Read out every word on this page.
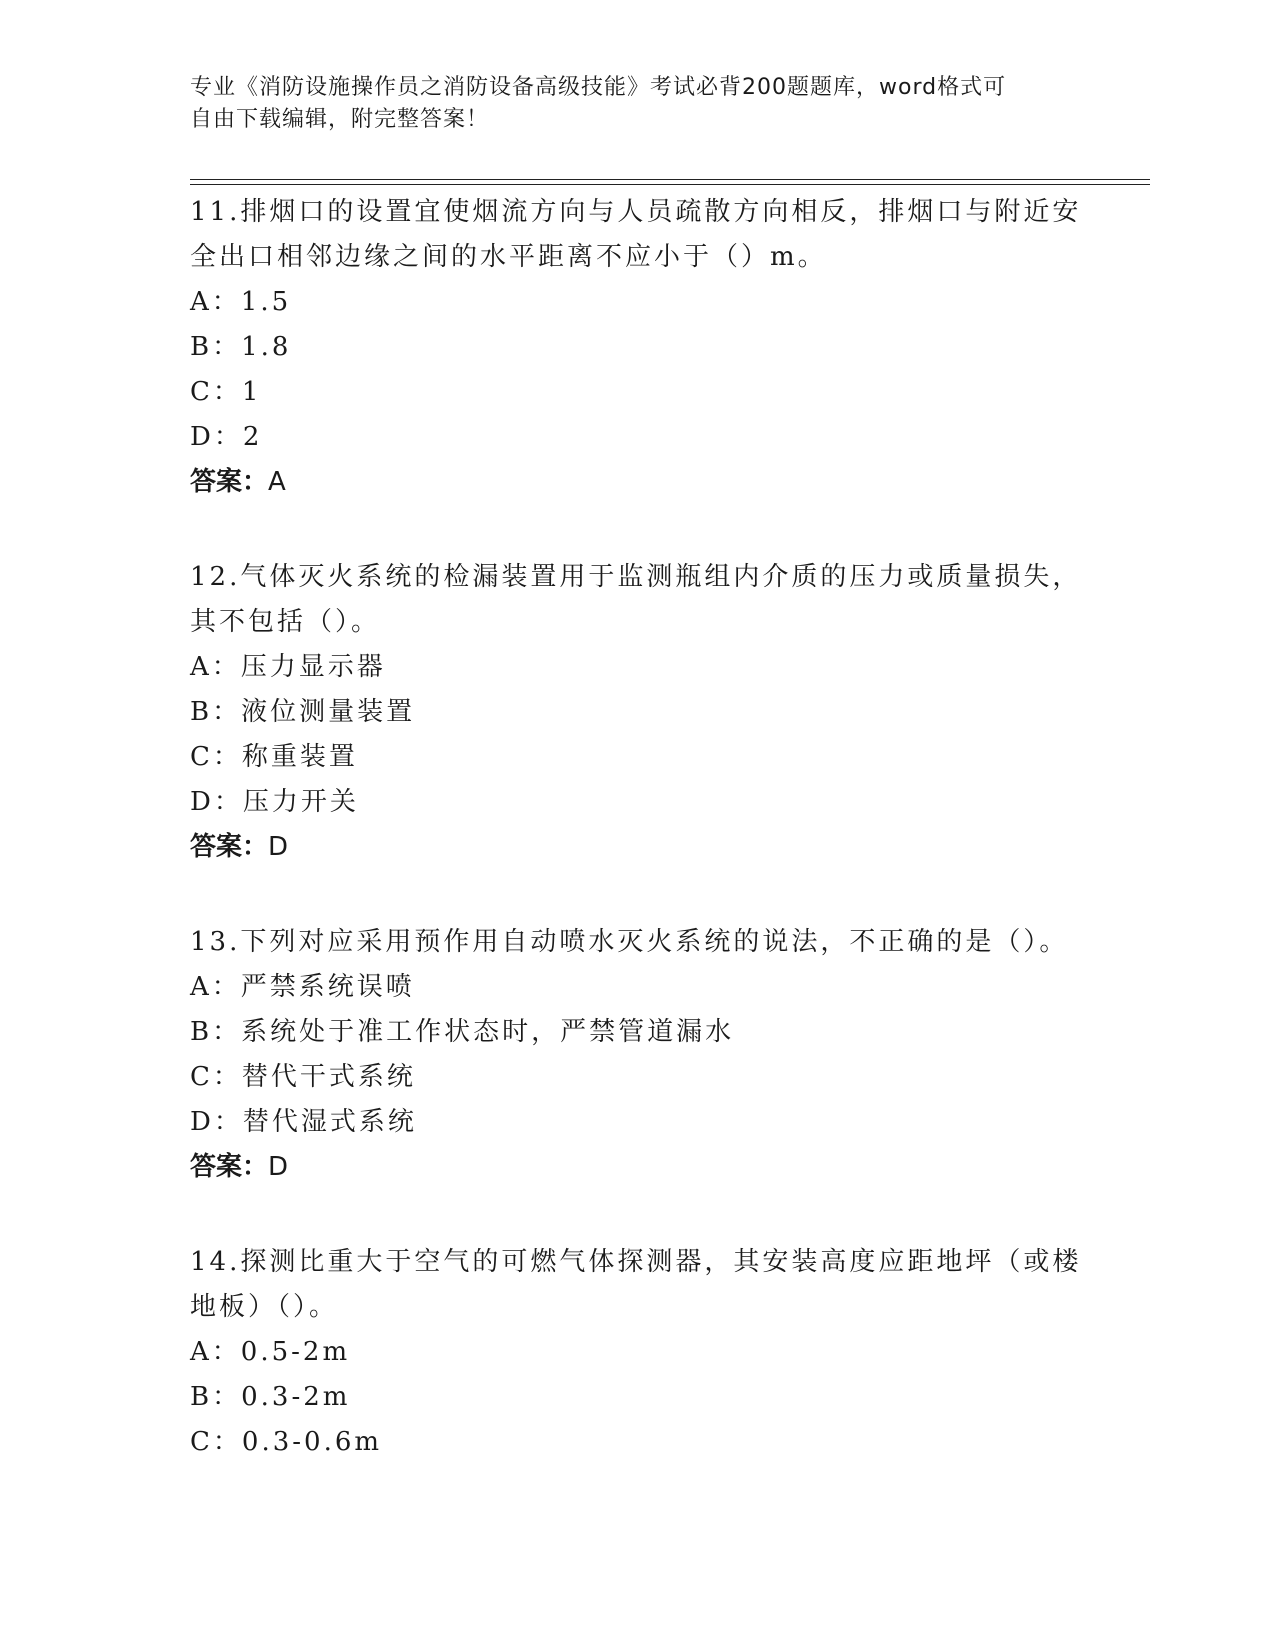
专业《消防设施操作员之消防设备高级技能》考试必背200题题库，word格式可
自由下载编辑，附完整答案！
11.排烟口的设置宜使烟流方向与人员疏散方向相反，排烟口与附近安
全出口相邻边缘之间的水平距离不应小于（）m。
A：1.5
B：1.8
C：1
D：2
答案：A
12.气体灭火系统的检漏装置用于监测瓶组内介质的压力或质量损失，
其不包括（）。
A：压力显示器
B：液位测量装置
C：称重装置
D：压力开关
答案：D
13.下列对应采用预作用自动喷水灭火系统的说法，不正确的是（）。
A：严禁系统误喷
B：系统处于准工作状态时，严禁管道漏水
C：替代干式系统
D：替代湿式系统
答案：D
14.探测比重大于空气的可燃气体探测器，其安装高度应距地坪（或楼
地板）（）。
A：0.5-2m
B：0.3-2m
C：0.3-0.6m
